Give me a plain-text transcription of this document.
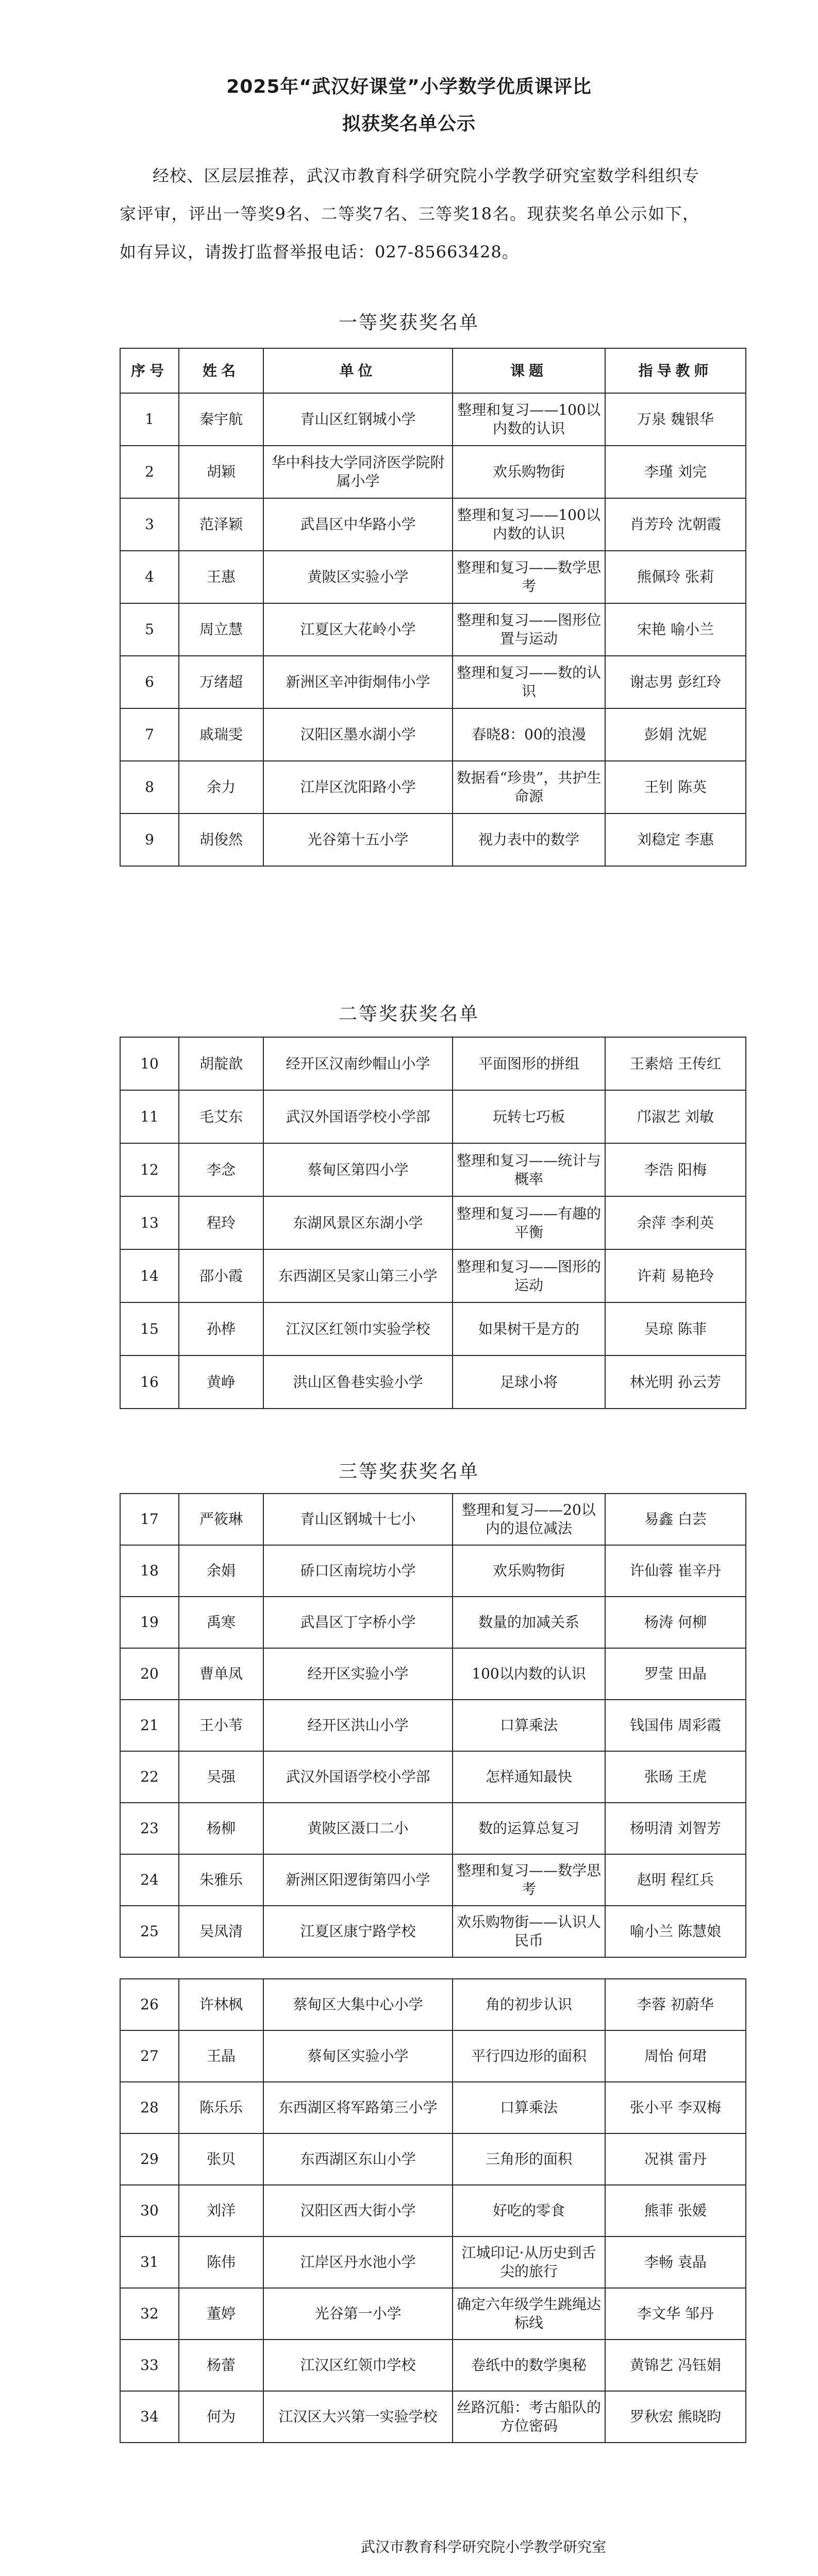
2025年“武汉好课堂”小学数学优质课评比
拟获奖名单公示
经校、区层层推荐，武汉市教育科学研究院小学教学研究室数学科组织专家评审，评出一等奖9名、二等奖7名、三等奖18名。现获奖名单公示如下，如有异议，请拨打监督举报电话：027-85663428。
一等奖获奖名单
序号	姓名	单位	课题	指导教师
1	秦宇航	青山区红钢城小学	整理和复习——100以内数的认识	万泉 魏银华
2	胡颖	华中科技大学同济医学院附属小学	欢乐购物街	李瑾 刘完
3	范泽颖	武昌区中华路小学	整理和复习——100以内数的认识	肖芳玲 沈朝霞
4	王惠	黄陂区实验小学	整理和复习——数学思考	熊佩玲 张莉
5	周立慧	江夏区大花岭小学	整理和复习——图形位置与运动	宋艳 喻小兰
6	万绪超	新洲区辛冲街炯伟小学	整理和复习——数的认识	谢志男 彭红玲
7	戚瑞雯	汉阳区墨水湖小学	春晓8：00的浪漫	彭娟 沈妮
8	余力	江岸区沈阳路小学	数据看“珍贵”，共护生命源	王钊 陈英
9	胡俊然	光谷第十五小学	视力表中的数学	刘稳定 李惠
二等奖获奖名单
10	胡靛歆	经开区汉南纱帽山小学	平面图形的拼组	王素焙 王传红
11	毛艾东	武汉外国语学校小学部	玩转七巧板	邝淑艺 刘敏
12	李念	蔡甸区第四小学	整理和复习——统计与概率	李浩 阳梅
13	程玲	东湖风景区东湖小学	整理和复习——有趣的平衡	余萍 李利英
14	邵小霞	东西湖区吴家山第三小学	整理和复习——图形的运动	许莉 易艳玲
15	孙桦	江汉区红领巾实验学校	如果树干是方的	吴琼 陈菲
16	黄峥	洪山区鲁巷实验小学	足球小将	林光明 孙云芳
三等奖获奖名单
17	严筱琳	青山区钢城十七小	整理和复习——20以内的退位减法	易鑫 白芸
18	余娟	硚口区南垸坊小学	欢乐购物街	许仙蓉 崔辛丹
19	禹寒	武昌区丁字桥小学	数量的加减关系	杨涛 何柳
20	曹单凤	经开区实验小学	100以内数的认识	罗莹 田晶
21	王小苇	经开区洪山小学	口算乘法	钱国伟 周彩霞
22	吴强	武汉外国语学校小学部	怎样通知最快	张旸 王虎
23	杨柳	黄陂区滠口二小	数的运算总复习	杨明清 刘智芳
24	朱雅乐	新洲区阳逻街第四小学	整理和复习——数学思考	赵明 程红兵
25	吴凤清	江夏区康宁路学校	欢乐购物街——认识人民币	喻小兰 陈慧娘
26	许林枫	蔡甸区大集中心小学	角的初步认识	李蓉 初蔚华
27	王晶	蔡甸区实验小学	平行四边形的面积	周怡 何珺
28	陈乐乐	东西湖区将军路第三小学	口算乘法	张小平 李双梅
29	张贝	东西湖区东山小学	三角形的面积	况祺 雷丹
30	刘洋	汉阳区西大街小学	好吃的零食	熊菲 张媛
31	陈伟	江岸区丹水池小学	江城印记·从历史到舌尖的旅行	李畅 袁晶
32	董婷	光谷第一小学	确定六年级学生跳绳达标线	李文华 邹丹
33	杨蕾	江汉区红领巾学校	卷纸中的数学奥秘	黄锦艺 冯钰娟
34	何为	江汉区大兴第一实验学校	丝路沉船：考古船队的方位密码	罗秋宏 熊晓昀
武汉市教育科学研究院小学教学研究室
